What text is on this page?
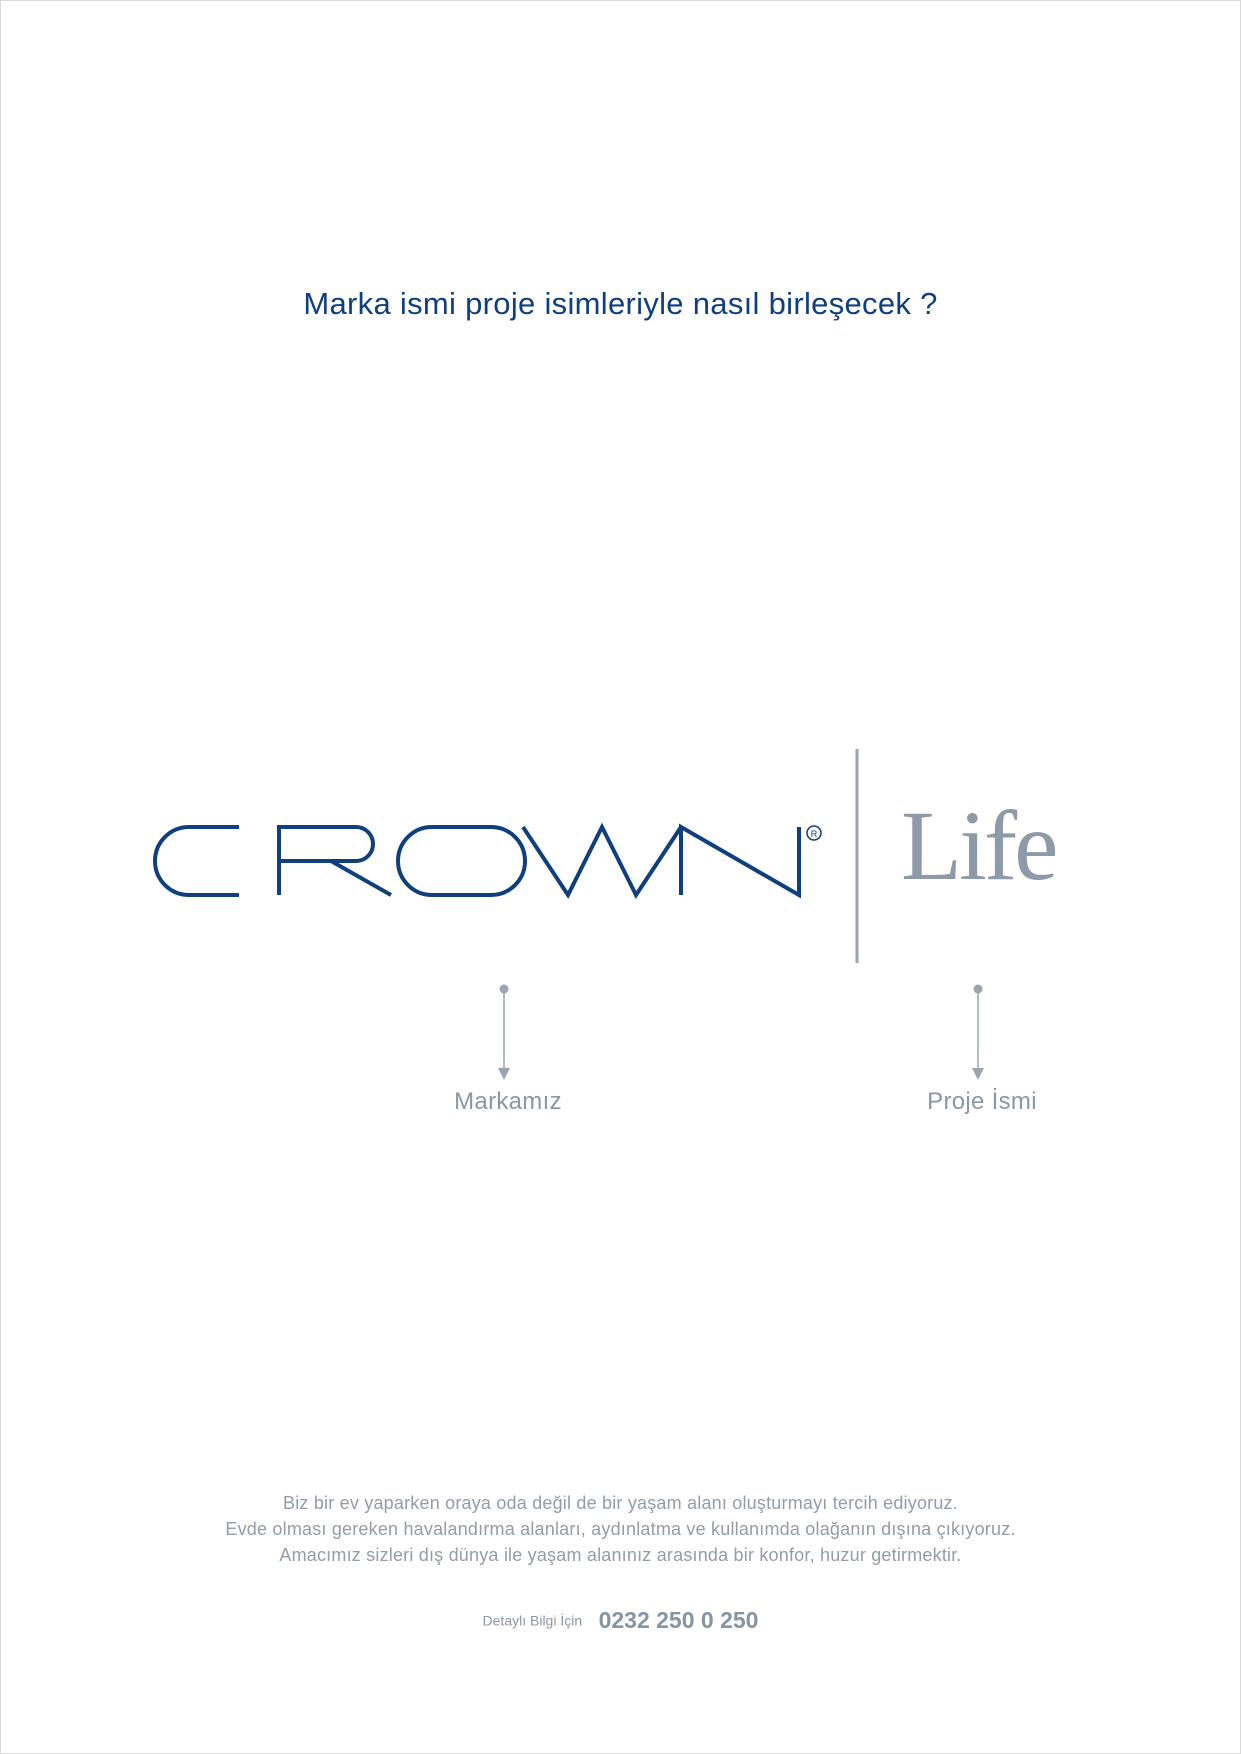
Marka ismi proje isimleriyle nasıl birleşecek ?
R Life
Markamız	Proje İsmi
Biz bir ev yaparken oraya oda değil de bir yaşam alanı oluşturmayı tercih ediyoruz.
Evde olması gereken havalandırma alanları, aydınlatma ve kullanımda olağanın dışına çıkıyoruz.
Amacımız sizleri dış dünya ile yaşam alanınız arasında bir konfor, huzur getirmektir.
Detaylı Bilgi İçin 0232 250 0 250
